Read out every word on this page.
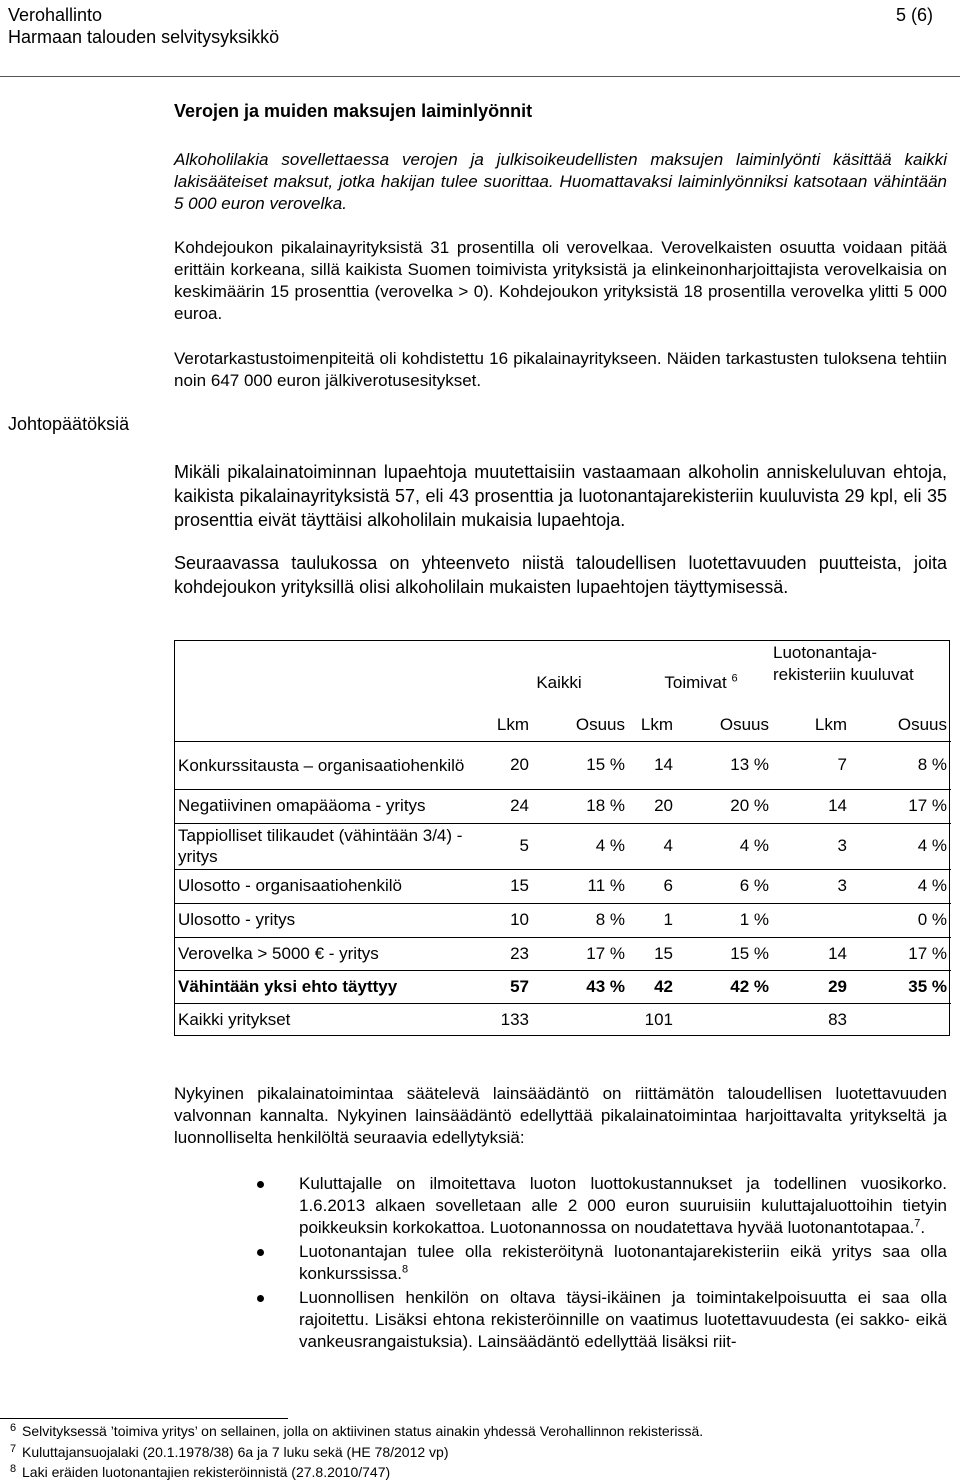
Verohallinto
Harmaan talouden selvitysyksikkö
5 (6)
Verojen ja muiden maksujen laiminlyönnit
Alkoholilakia sovellettaessa verojen ja julkisoikeudellisten maksujen laiminlyönti käsittää kaikki lakisääteiset maksut, jotka hakijan tulee suorittaa. Huomattavaksi laiminlyönniksi katsotaan vähintään 5 000 euron verovelka.
Kohdejoukon pikalainayrityksistä 31 prosentilla oli verovelkaa. Verovelkaisten osuutta voidaan pitää erittäin korkeana, sillä kaikista Suomen toimivista yrityksistä ja elinkeinonharjoittajista verovelkaisia on keskimäärin 15 prosenttia (verovelka > 0). Kohdejoukon yrityksistä 18 prosentilla verovelka ylitti 5 000 euroa.
Verotarkastustoimenpiteitä oli kohdistettu 16 pikalainayritykseen. Näiden tarkastusten tuloksena tehtiin noin 647 000 euron jälkiverotusesitykset.
Johtopäätöksiä
Mikäli pikalainatoiminnan lupaehtoja muutettaisiin vastaamaan alkoholin anniskeluluvan ehtoja, kaikista pikalainayrityksistä 57, eli 43 prosenttia ja luotonantajarekisteriin kuuluvista 29 kpl, eli 35 prosenttia eivät täyttäisi alkoholilain mukaisia lupaehtoja.
Seuraavassa taulukossa on yhteenveto niistä taloudellisen luotettavuuden puutteista, joita kohdejoukon yrityksillä olisi alkoholilain mukaisten lupaehtojen täyttymisessä.
	Kaikki		Toimivat $^6$		Luotonantaja-rekisteriin kuuluvat	
	Lkm	Osuus	Lkm	Osuus	Lkm	Osuus
Konkurssitausta – organisaatiohenkilö	20	15 %	14	13 %	7	8 %
Negatiivinen omapääoma - yritys	24	18 %	20	20 %	14	17 %
Tappiolliset tilikaudet (vähintään 3/4) - yritys	5	4 %	4	4 %	3	4 %
Ulosotto - organisaatiohenkilö	15	11 %	6	6 %	3	4 %
Ulosotto - yritys	10	8 %	1	1 %		0 %
Verovelka > 5000 € - yritys	23	17 %	15	15 %	14	17 %
Vähintään yksi ehto täyttyy	57	43 %	42	42 %	29	35 %
Kaikki yritykset	133		101		83	
Nykyinen pikalainatoimintaa säätelevä lainsäädäntö on riittämätön taloudellisen luotettavuuden valvonnan kannalta. Nykyinen lainsäädäntö edellyttää pikalainatoimintaa harjoittavalta yritykseltä ja luonnolliselta henkilöltä seuraavia edellytyksiä:
Kuluttajalle on ilmoitettava luoton luottokustannukset ja todellinen vuosikorko. 1.6.2013 alkaen sovelletaan alle 2 000 euron suuruisiin kuluttajaluottoihin tietyin poikkeuksin korkokattoa. Luotonannossa on noudatettava hyvää luotonantotapaa.$^7$.
Luotonantajan tulee olla rekisteröitynä luotonantajarekisteriin eikä yritys saa olla konkurssissa.$^8$
Luonnollisen henkilön on oltava täysi-ikäinen ja toimintakelpoisuutta ei saa olla rajoitettu. Lisäksi ehtona rekisteröinnille on vaatimus luotettavuudesta (ei sakko- eikä vankeusrangaistuksia). Lainsäädäntö edellyttää lisäksi riit-
6 Selvityksessä ’toimiva yritys’ on sellainen, jolla on aktiivinen status ainakin yhdessä Verohallinnon rekisterissä.
7 Kuluttajansuojalaki (20.1.1978/38) 6a ja 7 luku sekä (HE 78/2012 vp)
8 Laki eräiden luotonantajien rekisteröinnistä (27.8.2010/747)
